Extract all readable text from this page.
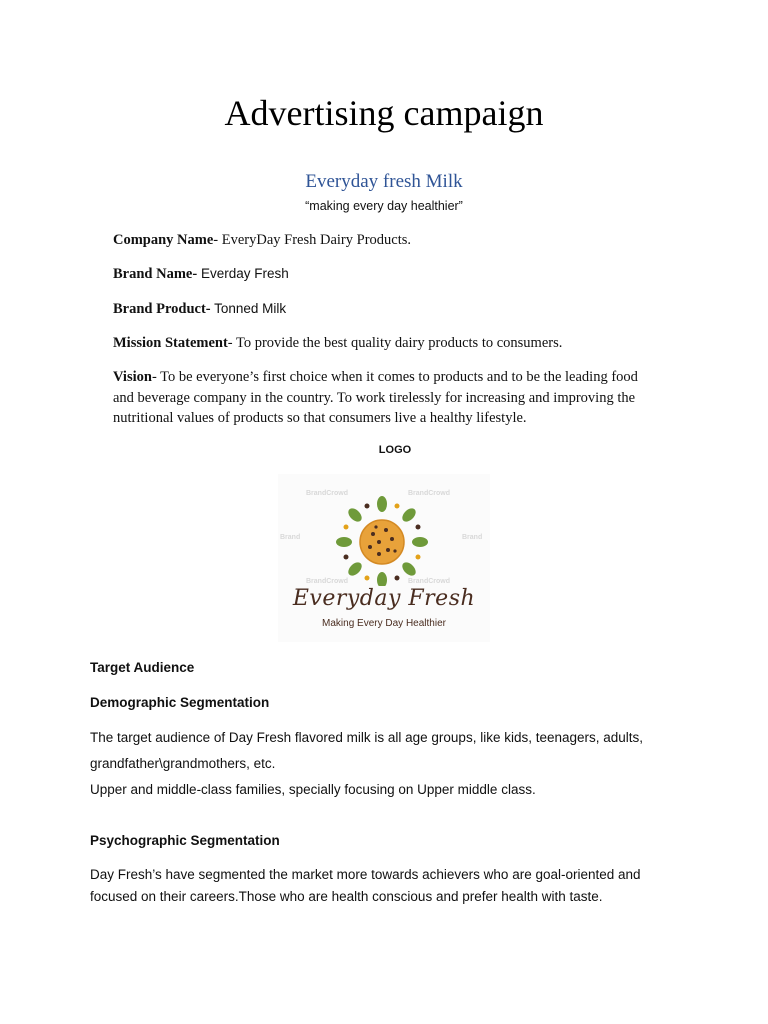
Advertising campaign
Everyday fresh Milk
“making every day healthier”
Company Name- EveryDay Fresh Dairy Products.
Brand Name- Everday Fresh
Brand Product- Tonned Milk
Mission Statement- To provide the best quality dairy products to consumers.
Vision- To be everyone’s first choice when it comes to products and to be the leading food
and beverage company in the country. To work tirelessly for increasing and improving the
nutritional values of products so that consumers live a healthy lifestyle.
LOGO
BrandCrowd	BrandCrowd
Brand	Brand
BrandCrowd	BrandCrowd
Everyday Fresh
Making Every Day Healthier
Target Audience
Demographic Segmentation
The target audience of Day Fresh flavored milk is all age groups, like kids, teenagers, adults,
grandfather\grandmothers, etc.
Upper and middle-class families, specially focusing on Upper middle class.
Psychographic Segmentation
Day Fresh’s have segmented the market more towards achievers who are goal-oriented and
focused on their careers.Those who are health conscious and prefer health with taste.
